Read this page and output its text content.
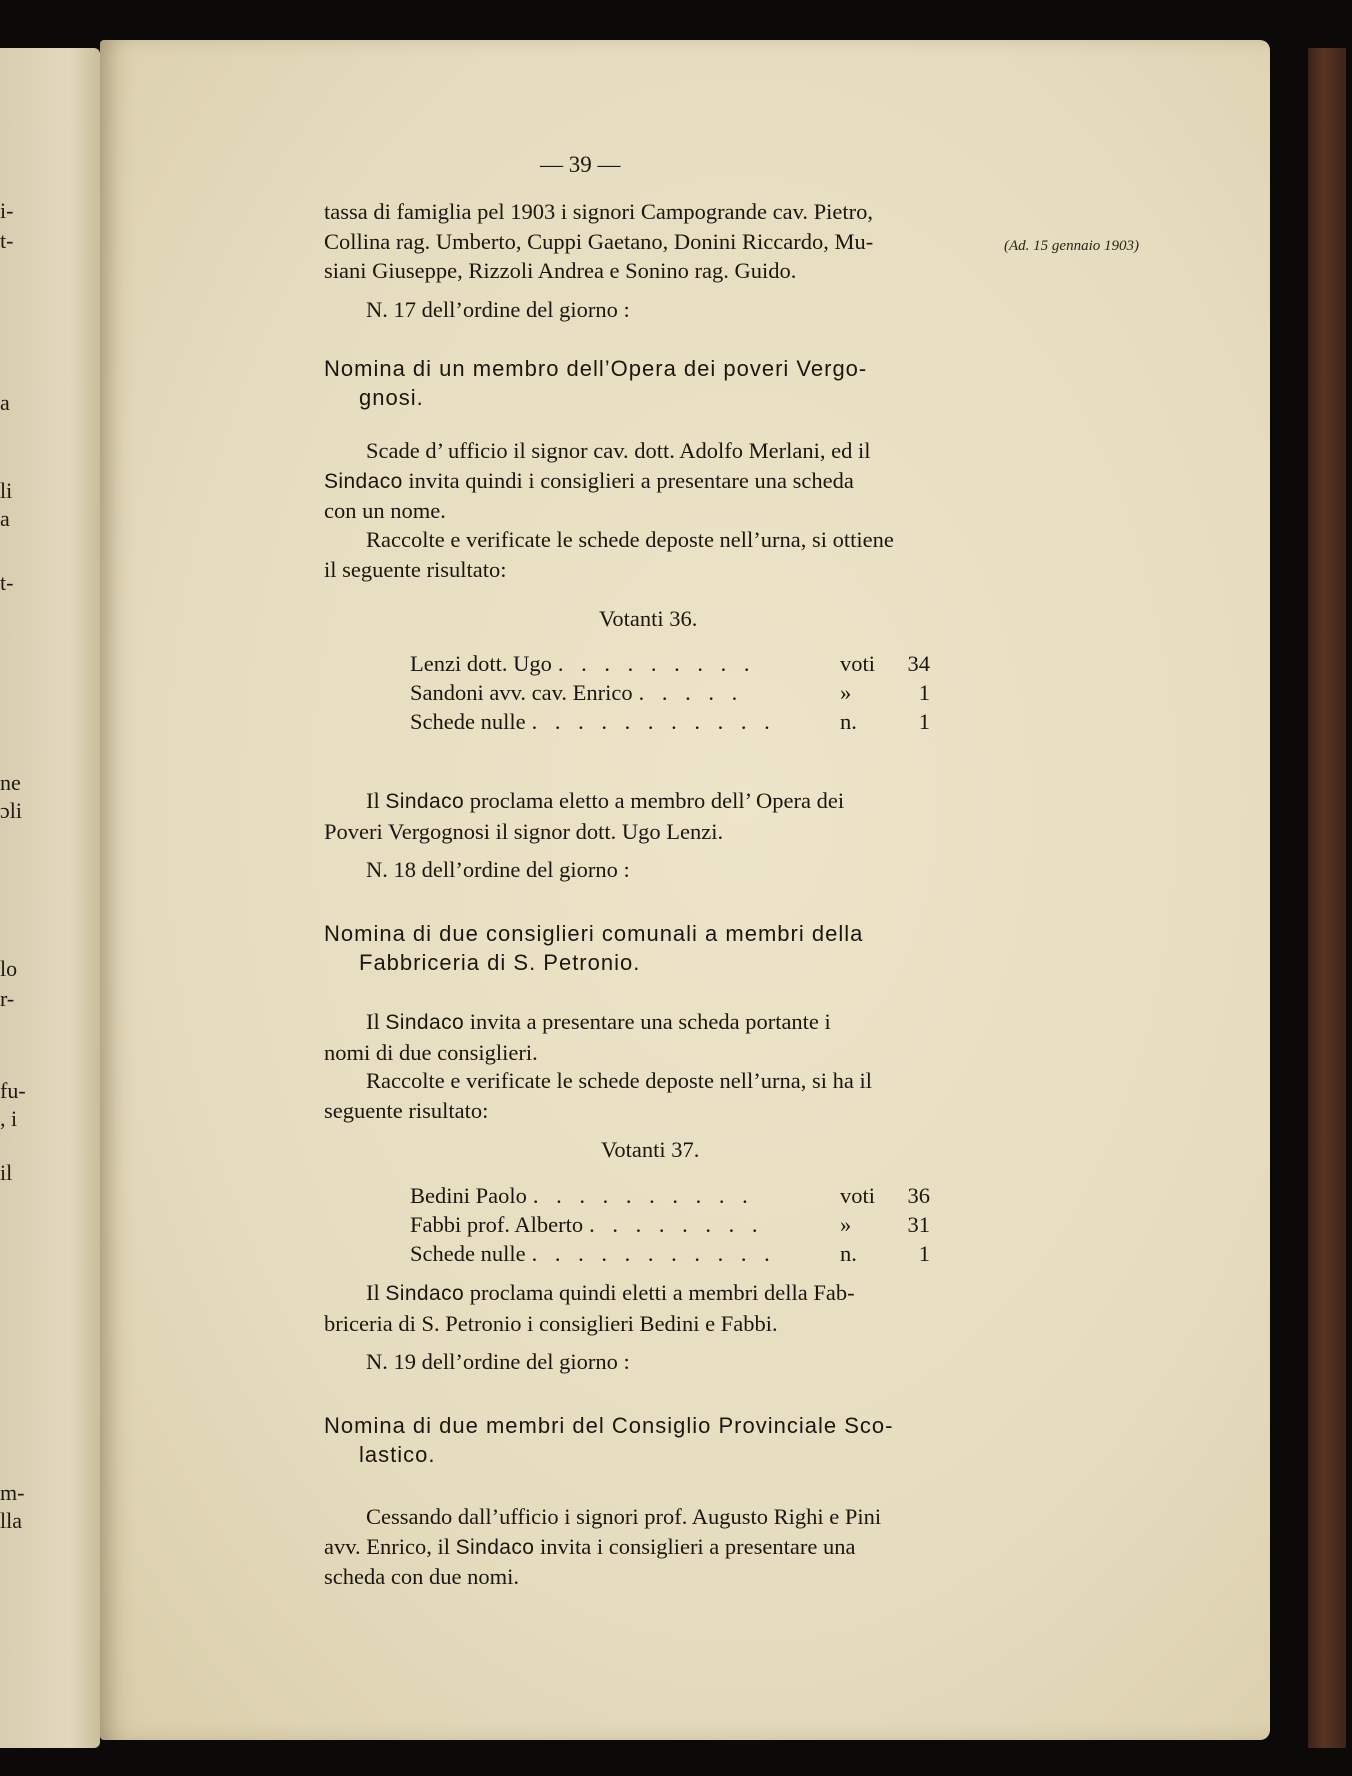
i-
t-
a
li
a
t-
ne
ɔli
lo
r-
fu-
, i
il
m-
lla
— 39 —
(Ad. 15 gennaio 1903)

tassa di famiglia pel 1903 i signori Campogrande cav. Pietro,

Collina rag. Umberto, Cuppi Gaetano, Donini Riccardo, Mu-

siani Giuseppe, Rizzoli Andrea e Sonino rag. Guido.

N. 17 dell’ordine del giorno :

Nomina di un membro dell’Opera dei poveri Vergo-
gnosi.

Scade d’ ufficio il signor cav. dott. Adolfo Merlani, ed il

Sindaco invita quindi i consiglieri a presentare una scheda

con un nome.

Raccolte e verificate le schede deposte nell’urna, si ottiene

il seguente risultato:

Votanti 36.
Lenzi dott. Ugo . . . . . . . . .	voti	34
Sandoni avv. cav. Enrico . . . . .	»	1
Schede nulle . . . . . . . . . . .	n.	1

Il Sindaco proclama eletto a membro dell’ Opera dei

Poveri Vergognosi il signor dott. Ugo Lenzi.

N. 18 dell’ordine del giorno :

Nomina di due consiglieri comunali a membri della
Fabbriceria di S. Petronio.

Il Sindaco invita a presentare una scheda portante i

nomi di due consiglieri.

Raccolte e verificate le schede deposte nell’urna, si ha il

seguente risultato:

Votanti 37.
Bedini Paolo . . . . . . . . . .	voti	36
Fabbi prof. Alberto . . . . . . . .	»	31
Schede nulle . . . . . . . . . . .	n.	1

Il Sindaco proclama quindi eletti a membri della Fab-

briceria di S. Petronio i consiglieri Bedini e Fabbi.

N. 19 dell’ordine del giorno :

Nomina di due membri del Consiglio Provinciale Sco-
lastico.

Cessando dall’ufficio i signori prof. Augusto Righi e Pini

avv. Enrico, il Sindaco invita i consiglieri a presentare una

scheda con due nomi.
